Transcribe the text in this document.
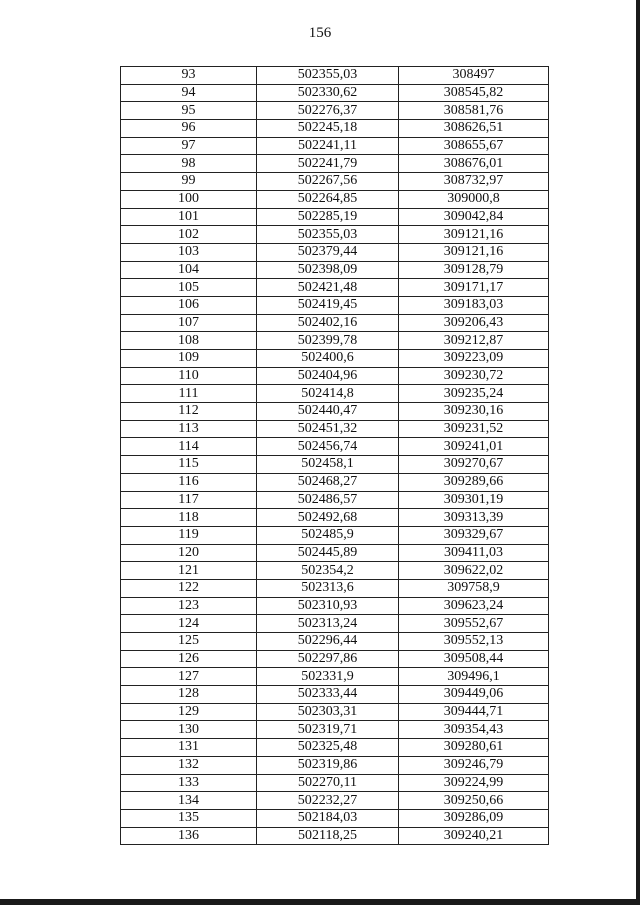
156
93	502355,03	308497
94	502330,62	308545,82
95	502276,37	308581,76
96	502245,18	308626,51
97	502241,11	308655,67
98	502241,79	308676,01
99	502267,56	308732,97
100	502264,85	309000,8
101	502285,19	309042,84
102	502355,03	309121,16
103	502379,44	309121,16
104	502398,09	309128,79
105	502421,48	309171,17
106	502419,45	309183,03
107	502402,16	309206,43
108	502399,78	309212,87
109	502400,6	309223,09
110	502404,96	309230,72
111	502414,8	309235,24
112	502440,47	309230,16
113	502451,32	309231,52
114	502456,74	309241,01
115	502458,1	309270,67
116	502468,27	309289,66
117	502486,57	309301,19
118	502492,68	309313,39
119	502485,9	309329,67
120	502445,89	309411,03
121	502354,2	309622,02
122	502313,6	309758,9
123	502310,93	309623,24
124	502313,24	309552,67
125	502296,44	309552,13
126	502297,86	309508,44
127	502331,9	309496,1
128	502333,44	309449,06
129	502303,31	309444,71
130	502319,71	309354,43
131	502325,48	309280,61
132	502319,86	309246,79
133	502270,11	309224,99
134	502232,27	309250,66
135	502184,03	309286,09
136	502118,25	309240,21
